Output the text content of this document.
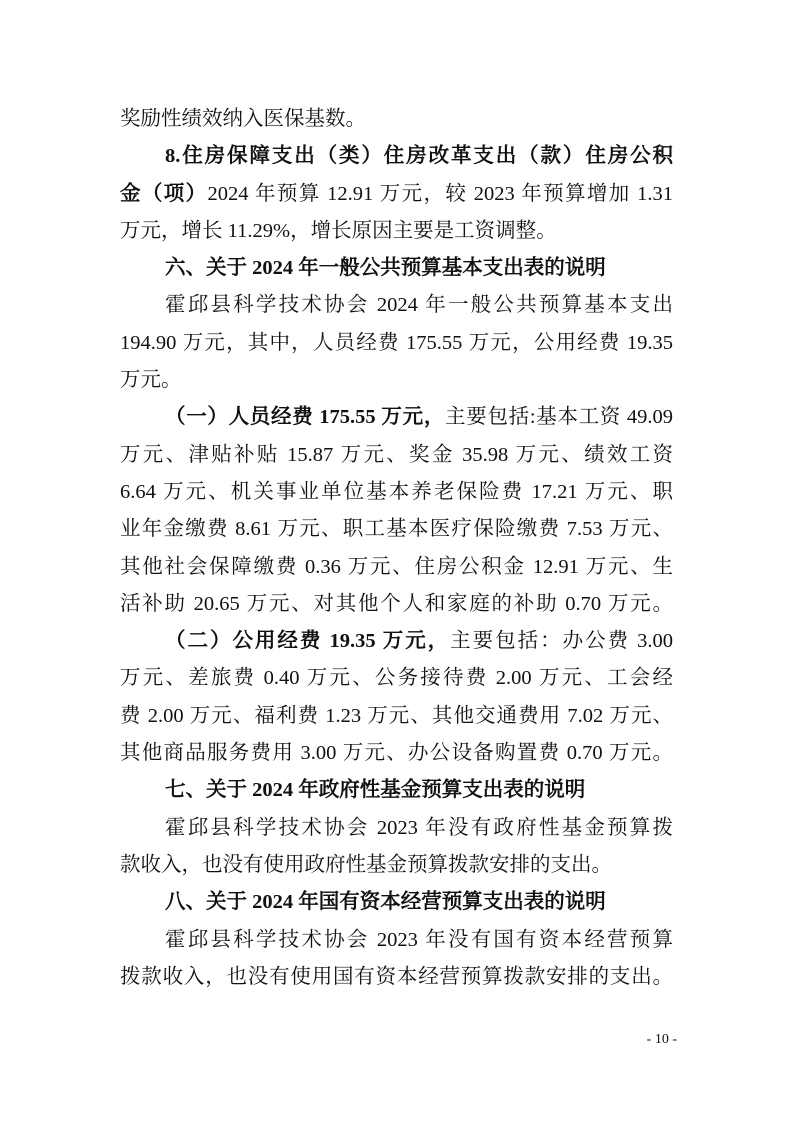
奖励性绩效纳入医保基数。
8.住房保障支出（类）住房改革支出（款）住房公积
金（项）2024 年预算 12.91 万元，较 2023 年预算增加 1.31
万元，增长 11.29%，增长原因主要是工资调整。
六、关于 2024 年一般公共预算基本支出表的说明
霍邱县科学技术协会 2024 年一般公共预算基本支出
194.90 万元，其中，人员经费 175.55 万元，公用经费 19.35
万元。
（一）人员经费 175.55 万元，主要包括:基本工资 49.09
万元、津贴补贴 15.87 万元、奖金 35.98 万元、绩效工资
6.64 万元、机关事业单位基本养老保险费 17.21 万元、职
业年金缴费 8.61 万元、职工基本医疗保险缴费 7.53 万元、
其他社会保障缴费 0.36 万元、住房公积金 12.91 万元、生
活补助 20.65 万元、对其他个人和家庭的补助 0.70 万元。
（二）公用经费 19.35 万元，主要包括：办公费 3.00
万元、差旅费 0.40 万元、公务接待费 2.00 万元、工会经
费 2.00 万元、福利费 1.23 万元、其他交通费用 7.02 万元、
其他商品服务费用 3.00 万元、办公设备购置费 0.70 万元。
七、关于 2024 年政府性基金预算支出表的说明
霍邱县科学技术协会 2023 年没有政府性基金预算拨
款收入，也没有使用政府性基金预算拨款安排的支出。
八、关于 2024 年国有资本经营预算支出表的说明
霍邱县科学技术协会 2023 年没有国有资本经营预算
拨款收入，也没有使用国有资本经营预算拨款安排的支出。
- 10 -
